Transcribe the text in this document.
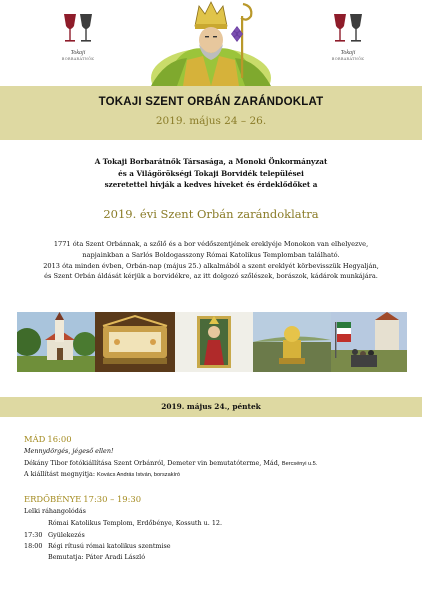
Tokaji
BORBARÁTNŐK
Tokaji
BORBARÁTNŐK
TOKAJI SZENT ORBÁN ZARÁNDOKLAT
2019. május 24 – 26.
A Tokaji Borbarátnők Társasága, a Monoki Önkormányzat
és a Világörökségi Tokaji Borvidék települései
szeretettel hívják a kedves híveket és érdeklődőket a
2019. évi Szent Orbán zarándoklatra
1771 óta Szent Orbánnak, a szőlő és a bor védőszentjének ereklyéje Monokon van elhelyezve,
napjainkban a Sarlós Boldogasszony Római Katolikus Templomban található.
2013 óta minden évben, Orbán-nap (május 25.) alkalmából a szent ereklyét körbevisszük Hegyalján,
és Szent Orbán áldását kérjük a borvidékre, az itt dolgozó szőlészek, borászok, kádárok munkájára.
2019. május 24., péntek
MÁD 16:00
Mennydörgés, jégeső ellen!
Dékány Tibor fotókiállítása Szent Orbánról, Demeter vin bemutatóterme, Mád, Bercsényi u.5.
A kiállítást megnyitja: Kovács András István, borszakíró
ERDŐBÉNYE 17:30 – 19:30
Lelki ráhangolódás
Római Katolikus Templom, Erdőbénye, Kossuth u. 12.
17:30 Gyülekezés
18:00 Régi rítusú római katolikus szentmise
Bemutatja: Páter Aradi László
